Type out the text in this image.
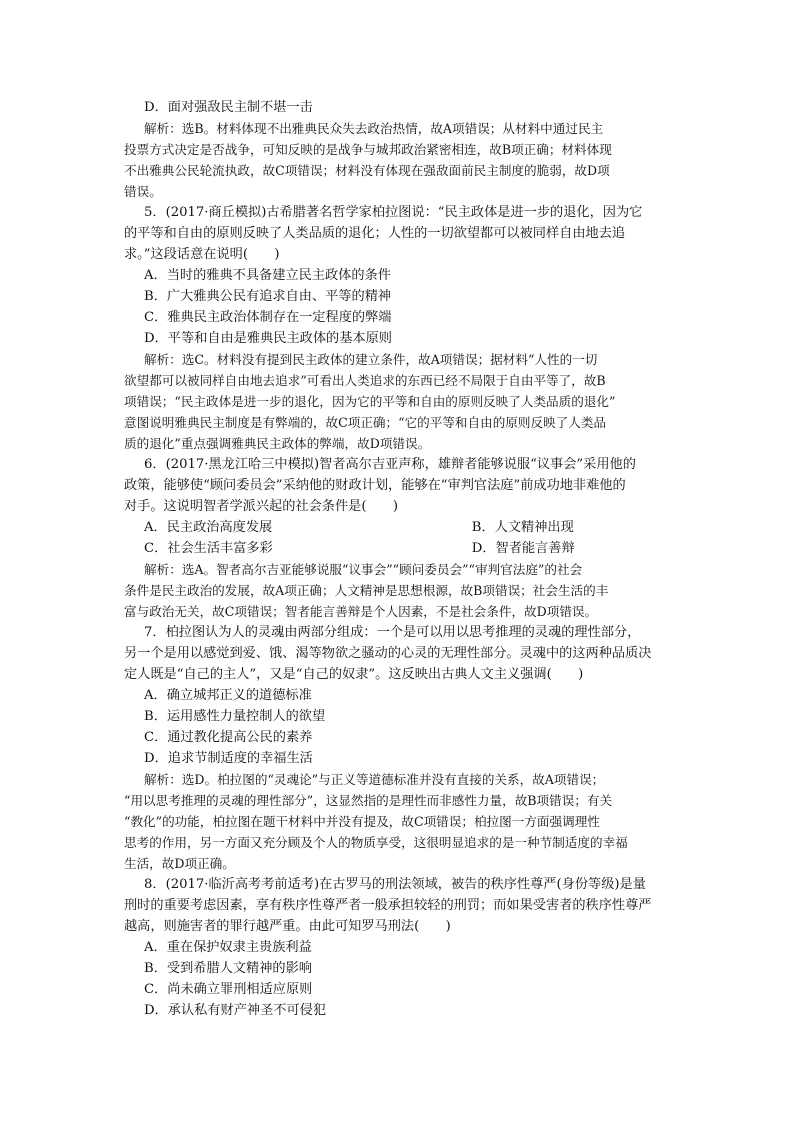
D．面对强敌民主制不堪一击
解析：选B。材料体现不出雅典民众失去政治热情，故A项错误；从材料中通过民主
投票方式决定是否战争，可知反映的是战争与城邦政治紧密相连，故B项正确；材料体现
不出雅典公民轮流执政，故C项错误；材料没有体现在强敌面前民主制度的脆弱，故D项
错误。
5．(2017·商丘模拟)古希腊著名哲学家柏拉图说：“民主政体是进一步的退化，因为它
的平等和自由的原则反映了人类品质的退化；人性的一切欲望都可以被同样自由地去追
求。”这段话意在说明(　　)
A．当时的雅典不具备建立民主政体的条件
B．广大雅典公民有追求自由、平等的精神
C．雅典民主政治体制存在一定程度的弊端
D．平等和自由是雅典民主政体的基本原则
解析：选C。材料没有提到民主政体的建立条件，故A项错误；据材料“人性的一切
欲望都可以被同样自由地去追求”可看出人类追求的东西已经不局限于自由平等了，故B
项错误；“民主政体是进一步的退化，因为它的平等和自由的原则反映了人类品质的退化”
意图说明雅典民主制度是有弊端的，故C项正确；“它的平等和自由的原则反映了人类品
质的退化”重点强调雅典民主政体的弊端，故D项错误。
6．(2017·黑龙江哈三中模拟)智者高尔吉亚声称，雄辩者能够说服“议事会”采用他的
政策，能够使“顾问委员会”采纳他的财政计划，能够在“审判官法庭”前成功地非难他的
对手。这说明智者学派兴起的社会条件是(　　)
A．民主政治高度发展	B．人文精神出现
C．社会生活丰富多彩	D．智者能言善辩
解析：选A。智者高尔吉亚能够说服“议事会”“顾问委员会”“审判官法庭”的社会
条件是民主政治的发展，故A项正确；人文精神是思想根源，故B项错误；社会生活的丰
富与政治无关，故C项错误；智者能言善辩是个人因素，不是社会条件，故D项错误。
7．柏拉图认为人的灵魂由两部分组成：一个是可以用以思考推理的灵魂的理性部分，
另一个是用以感觉到爱、饿、渴等物欲之骚动的心灵的无理性部分。灵魂中的这两种品质决
定人既是“自己的主人”，又是“自己的奴隶”。这反映出古典人文主义强调(　　)
A．确立城邦正义的道德标准
B．运用感性力量控制人的欲望
C．通过教化提高公民的素养
D．追求节制适度的幸福生活
解析：选D。柏拉图的“灵魂论”与正义等道德标准并没有直接的关系，故A项错误；
“用以思考推理的灵魂的理性部分”，这显然指的是理性而非感性力量，故B项错误；有关
“教化”的功能，柏拉图在题干材料中并没有提及，故C项错误；柏拉图一方面强调理性
思考的作用，另一方面又充分顾及个人的物质享受，这很明显追求的是一种节制适度的幸福
生活，故D项正确。
8．(2017·临沂高考考前适考)在古罗马的刑法领域，被告的秩序性尊严(身份等级)是量
刑时的重要考虑因素，享有秩序性尊严者一般承担较轻的刑罚；而如果受害者的秩序性尊严
越高，则施害者的罪行越严重。由此可知罗马刑法(　　)
A．重在保护奴隶主贵族利益
B．受到希腊人文精神的影响
C．尚未确立罪刑相适应原则
D．承认私有财产神圣不可侵犯
